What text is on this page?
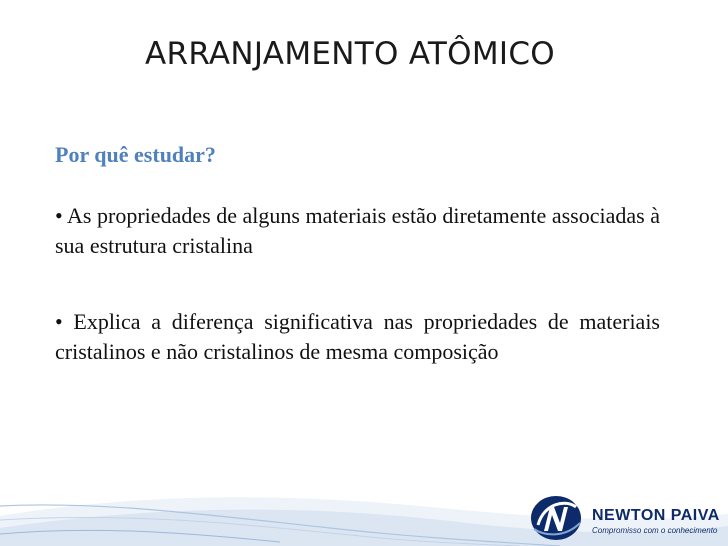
ARRANJAMENTO ATÔMICO
Por quê estudar?
• As propriedades de alguns materiais estão diretamente associadas à sua estrutura cristalina
• Explica a diferença significativa nas propriedades de materiais cristalinos e não cristalinos de mesma composição
NEWTON PAIVA
Compromisso com o conhecimento
